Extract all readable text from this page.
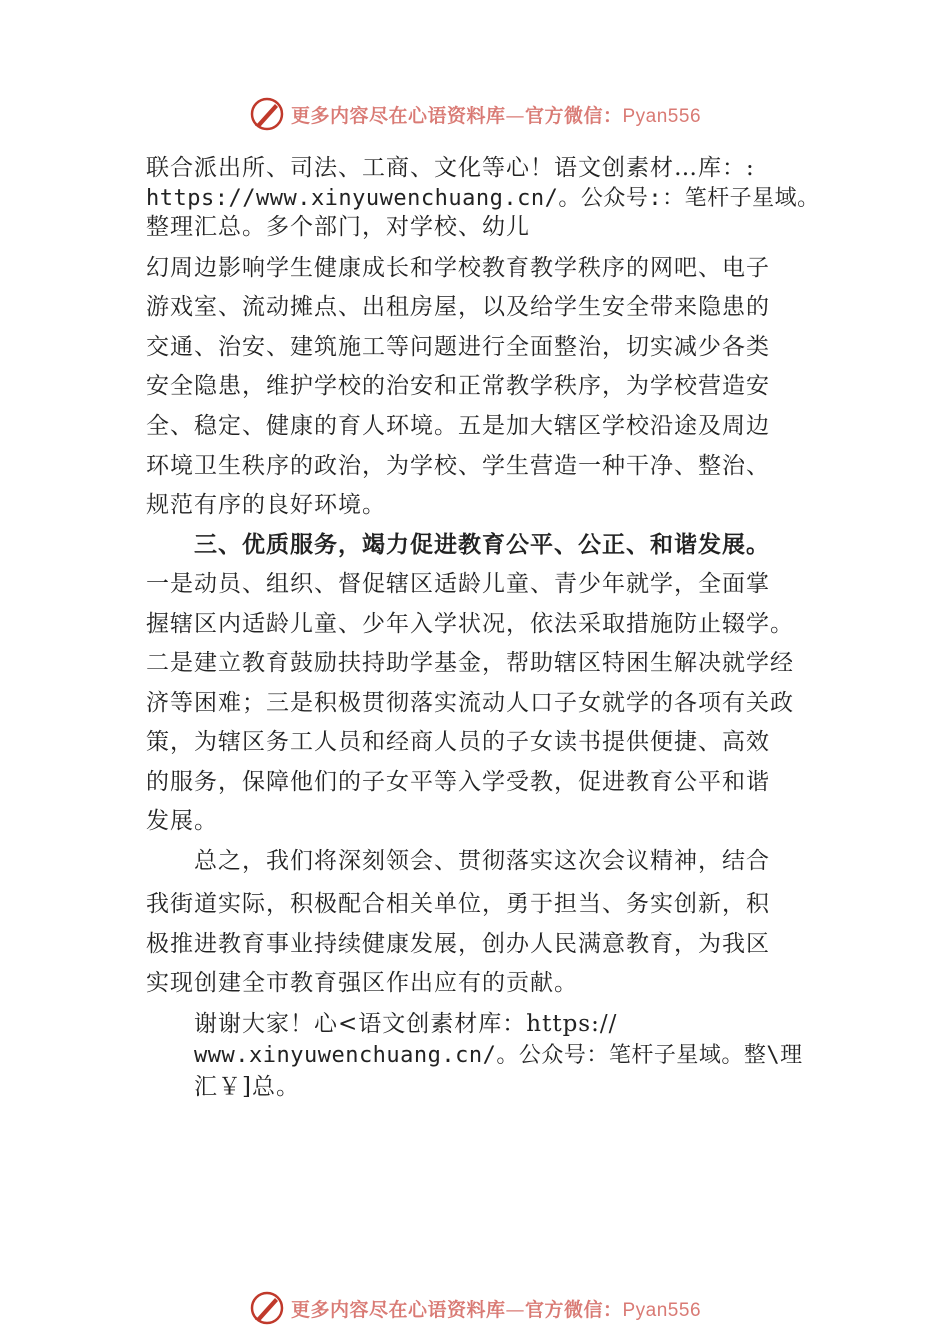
更多内容尽在心语资料库—官方微信：Pyan556
联合派出所、司法、工商、文化等心！语文创素材…库：:
https://www.xinyuwenchuang.cn/。公众号:：笔杆子星域。
整理汇总。多个部门，对学校、幼儿
幻周边影响学生健康成长和学校教育教学秩序的网吧、电子
游戏室、流动摊点、出租房屋，以及给学生安全带来隐患的
交通、治安、建筑施工等问题进行全面整治，切实减少各类
安全隐患，维护学校的治安和正常教学秩序，为学校营造安
全、稳定、健康的育人环境。五是加大辖区学校沿途及周边
环境卫生秩序的政治，为学校、学生营造一种干净、整治、
规范有序的良好环境。
三、优质服务，竭力促进教育公平、公正、和谐发展。
一是动员、组织、督促辖区适龄儿童、青少年就学，全面掌
握辖区内适龄儿童、少年入学状况，依法采取措施防止辍学。
二是建立教育鼓励扶持助学基金，帮助辖区特困生解决就学经
济等困难；三是积极贯彻落实流动人口子女就学的各项有关政
策，为辖区务工人员和经商人员的子女读书提供便捷、高效
的服务，保障他们的子女平等入学受教，促进教育公平和谐
发展。
总之，我们将深刻领会、贯彻落实这次会议精神，结合
我街道实际，积极配合相关单位，勇于担当、务实创新，积
极推进教育事业持续健康发展，创办人民满意教育，为我区
实现创建全市教育强区作出应有的贡献。
谢谢大家！心<语文创素材库：https://
www.xinyuwenchuang.cn/。公众号：笔杆子星域。整\理
汇￥]总。
更多内容尽在心语资料库—官方微信：Pyan556
